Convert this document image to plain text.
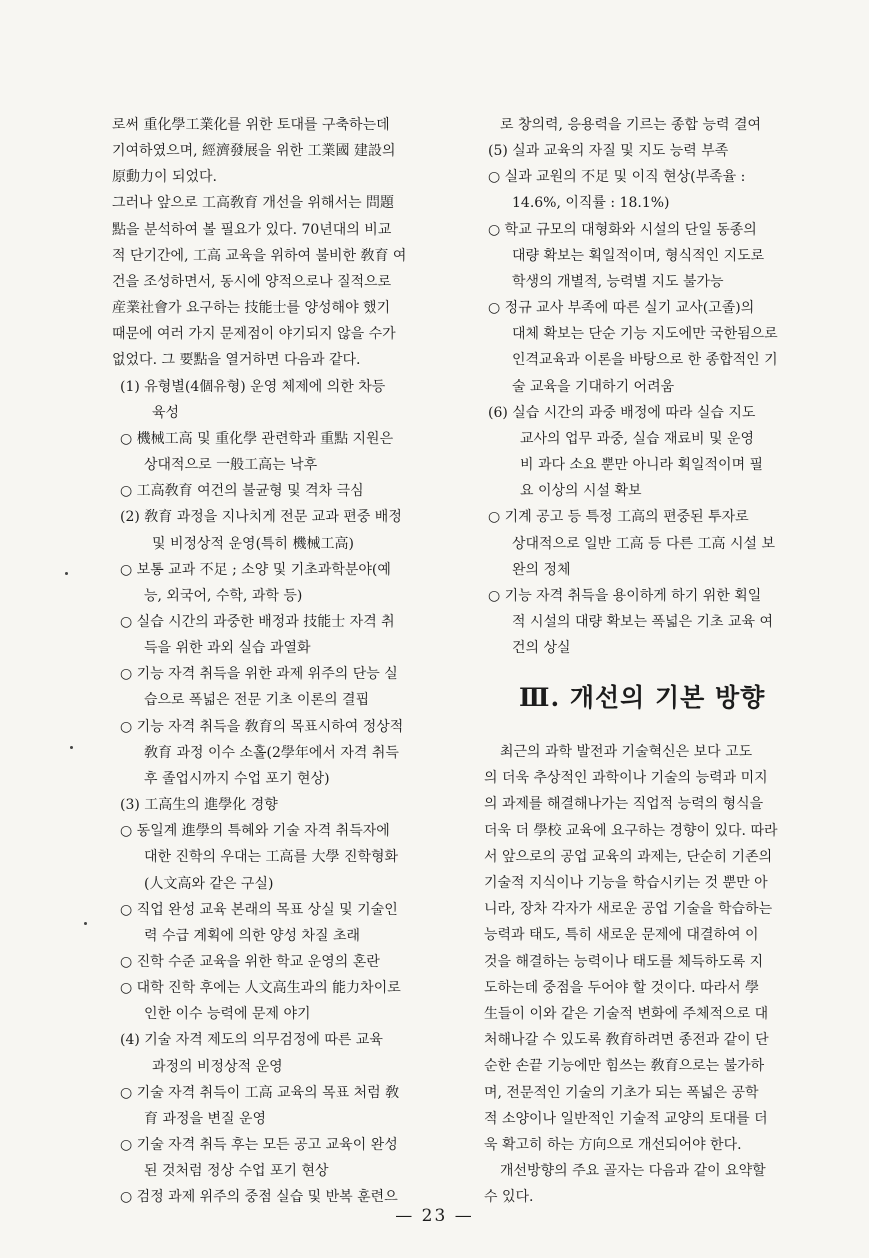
로써 重化學工業化를 위한 토대를 구축하는데
기여하였으며, 經濟發展을 위한 工業國 建設의
原動力이 되었다.
그러나 앞으로 工高敎育 개선을 위해서는 問題
點을 분석하여 볼 필요가 있다. 70년대의 비교
적 단기간에, 工高 교육을 위하여 불비한 敎育 여
건을 조성하면서, 동시에 양적으로나 질적으로
産業社會가 요구하는 技能士를 양성해야 했기
때문에 여러 가지 문제점이 야기되지 않을 수가
없었다. 그 要點을 열거하면 다음과 같다.
(1) 유형별(4個유형) 운영 체제에 의한 차등
육성
○ 機械工高 및 重化學 관련학과 重點 지원은
상대적으로 一般工高는 낙후
○ 工高敎育 여건의 불균형 및 격차 극심
(2) 敎育 과정을 지나치게 전문 교과 편중 배정
및 비정상적 운영(특히 機械工高)
○ 보통 교과 不足 ; 소양 및 기초과학분야(예
능, 외국어, 수학, 과학 등)
○ 실습 시간의 과중한 배정과 技能士 자격 취
득을 위한 과외 실습 과열화
○ 기능 자격 취득을 위한 과제 위주의 단능 실
습으로 폭넓은 전문 기초 이론의 결핍
○ 기능 자격 취득을 敎育의 목표시하여 정상적
敎育 과정 이수 소홀(2學年에서 자격 취득
후 졸업시까지 수업 포기 현상)
(3) 工高生의 進學化 경향
○ 동일계 進學의 특혜와 기술 자격 취득자에
대한 진학의 우대는 工高를 大學 진학형화
(人文高와 같은 구실)
○ 직업 완성 교육 본래의 목표 상실 및 기술인
력 수급 계획에 의한 양성 차질 초래
○ 진학 수준 교육을 위한 학교 운영의 혼란
○ 대학 진학 후에는 人文高生과의 能力차이로
인한 이수 능력에 문제 야기
(4) 기술 자격 제도의 의무검정에 따른 교육
과정의 비정상적 운영
○ 기술 자격 취득이 工高 교육의 목표 처럼 敎
育 과정을 변질 운영
○ 기술 자격 취득 후는 모든 공고 교육이 완성
된 것처럼 정상 수업 포기 현상
○ 검정 과제 위주의 중점 실습 및 반복 훈련으
로 창의력, 응용력을 기르는 종합 능력 결여
(5) 실과 교육의 자질 및 지도 능력 부족
○ 실과 교원의 不足 및 이직 현상(부족율 :
14.6%, 이직률 : 18.1%)
○ 학교 규모의 대형화와 시설의 단일 동종의
대량 확보는 획일적이며, 형식적인 지도로
학생의 개별적, 능력별 지도 불가능
○ 정규 교사 부족에 따른 실기 교사(고졸)의
대체 확보는 단순 기능 지도에만 국한됨으로
인격교육과 이론을 바탕으로 한 종합적인 기
술 교육을 기대하기 어려움
(6) 실습 시간의 과중 배정에 따라 실습 지도
교사의 업무 과중, 실습 재료비 및 운영
비 과다 소요 뿐만 아니라 획일적이며 필
요 이상의 시설 확보
○ 기계 공고 등 특정 工高의 편중된 투자로
상대적으로 일반 工高 등 다른 工高 시설 보
완의 정체
○ 기능 자격 취득을 용이하게 하기 위한 획일
적 시설의 대량 확보는 폭넓은 기초 교육 여
건의 상실
Ⅲ. 개선의 기본 방향
최근의 과학 발전과 기술혁신은 보다 고도
의 더욱 추상적인 과학이나 기술의 능력과 미지
의 과제를 해결해나가는 직업적 능력의 형식을
더욱 더 學校 교육에 요구하는 경향이 있다. 따라
서 앞으로의 공업 교육의 과제는, 단순히 기존의
기술적 지식이나 기능을 학습시키는 것 뿐만 아
니라, 장차 각자가 새로운 공업 기술을 학습하는
능력과 태도, 특히 새로운 문제에 대결하여 이
것을 해결하는 능력이나 태도를 체득하도록 지
도하는데 중점을 두어야 할 것이다. 따라서 學
生들이 이와 같은 기술적 변화에 주체적으로 대
처해나갈 수 있도록 敎育하려면 종전과 같이 단
순한 손끝 기능에만 힘쓰는 敎育으로는 불가하
며, 전문적인 기술의 기초가 되는 폭넓은 공학
적 소양이나 일반적인 기술적 교양의 토대를 더
욱 확고히 하는 方向으로 개선되어야 한다.
개선방향의 주요 골자는 다음과 같이 요약할
수 있다.
— 23 —
